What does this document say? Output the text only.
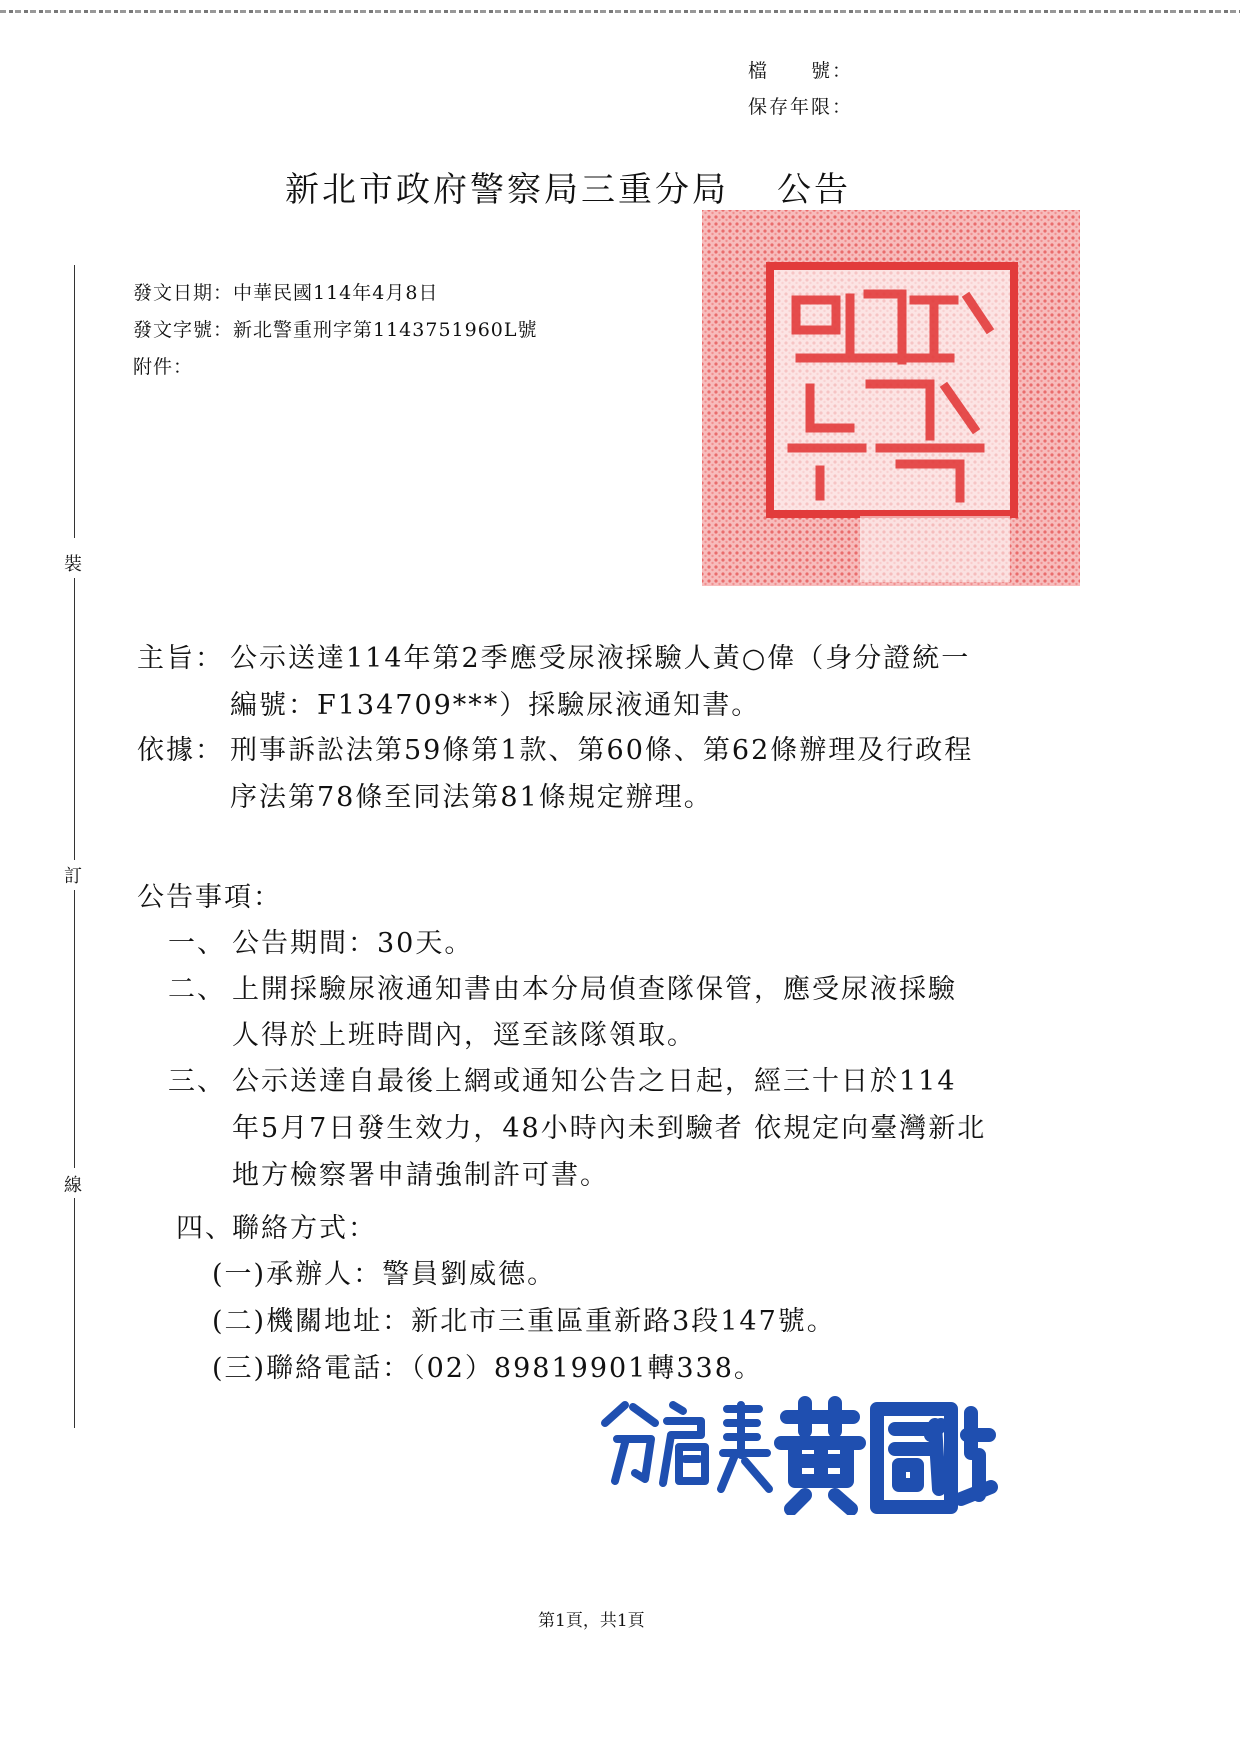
檔　　號：
保存年限：
新北市政府警察局三重分局 公告
發文日期：中華民國114年4月8日
發文字號：新北警重刑字第1143751960L號
附件：
裝
訂
線
主旨： 公示送達114年第2季應受尿液採驗人黃○偉（身分證統一
編號：F134709***）採驗尿液通知書。
依據： 刑事訴訟法第59條第1款、第60條、第62條辦理及行政程
序法第78條至同法第81條規定辦理。
公告事項：
一、 公告期間：30天。
二、 上開採驗尿液通知書由本分局偵查隊保管，應受尿液採驗
人得於上班時間內，逕至該隊領取。
三、 公示送達自最後上網或通知公告之日起，經三十日於114
年5月7日發生效力，48小時內未到驗者 依規定向臺灣新北
地方檢察署申請強制許可書。
四、
聯絡方式：
(一)承辦人：警員劉威德。
(二)機關地址：新北市三重區重新路3段147號。
(三)聯絡電話：（02）89819901轉338。
第1頁，共1頁
